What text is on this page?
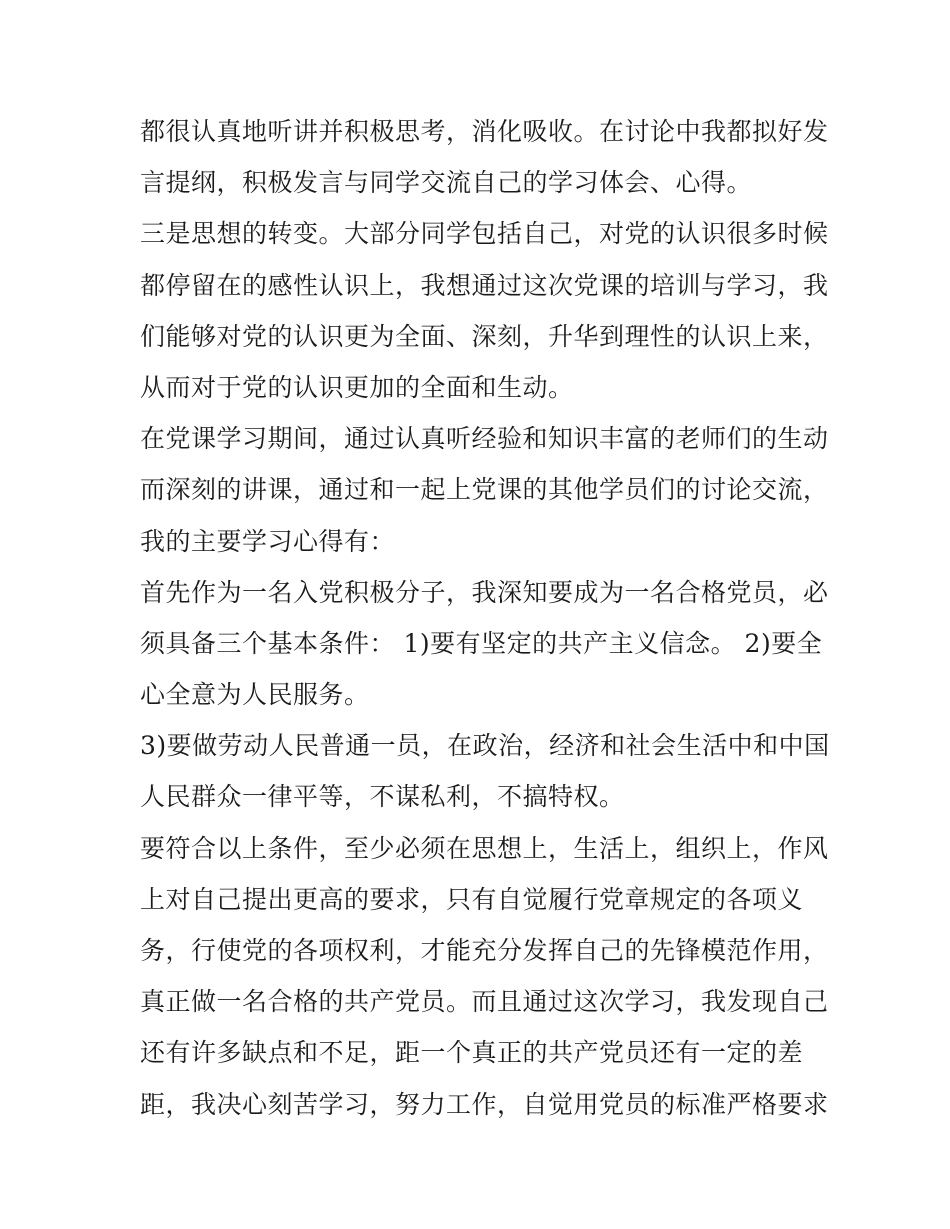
都很认真地听讲并积极思考，消化吸收。在讨论中我都拟好发
言提纲，积极发言与同学交流自己的学习体会、心得。
三是思想的转变。大部分同学包括自己，对党的认识很多时候
都停留在的感性认识上，我想通过这次党课的培训与学习，我
们能够对党的认识更为全面、深刻，升华到理性的认识上来，
从而对于党的认识更加的全面和生动。
在党课学习期间，通过认真听经验和知识丰富的老师们的生动
而深刻的讲课，通过和一起上党课的其他学员们的讨论交流，
我的主要学习心得有：
首先作为一名入党积极分子，我深知要成为一名合格党员，必
须具备三个基本条件： 1)要有坚定的共产主义信念。 2)要全
心全意为人民服务。
3)要做劳动人民普通一员，在政治，经济和社会生活中和中国
人民群众一律平等，不谋私利，不搞特权。
要符合以上条件，至少必须在思想上，生活上，组织上，作风
上对自己提出更高的要求，只有自觉履行党章规定的各项义
务，行使党的各项权利，才能充分发挥自己的先锋模范作用，
真正做一名合格的共产党员。而且通过这次学习，我发现自己
还有许多缺点和不足，距一个真正的共产党员还有一定的差
距，我决心刻苦学习，努力工作，自觉用党员的标准严格要求
